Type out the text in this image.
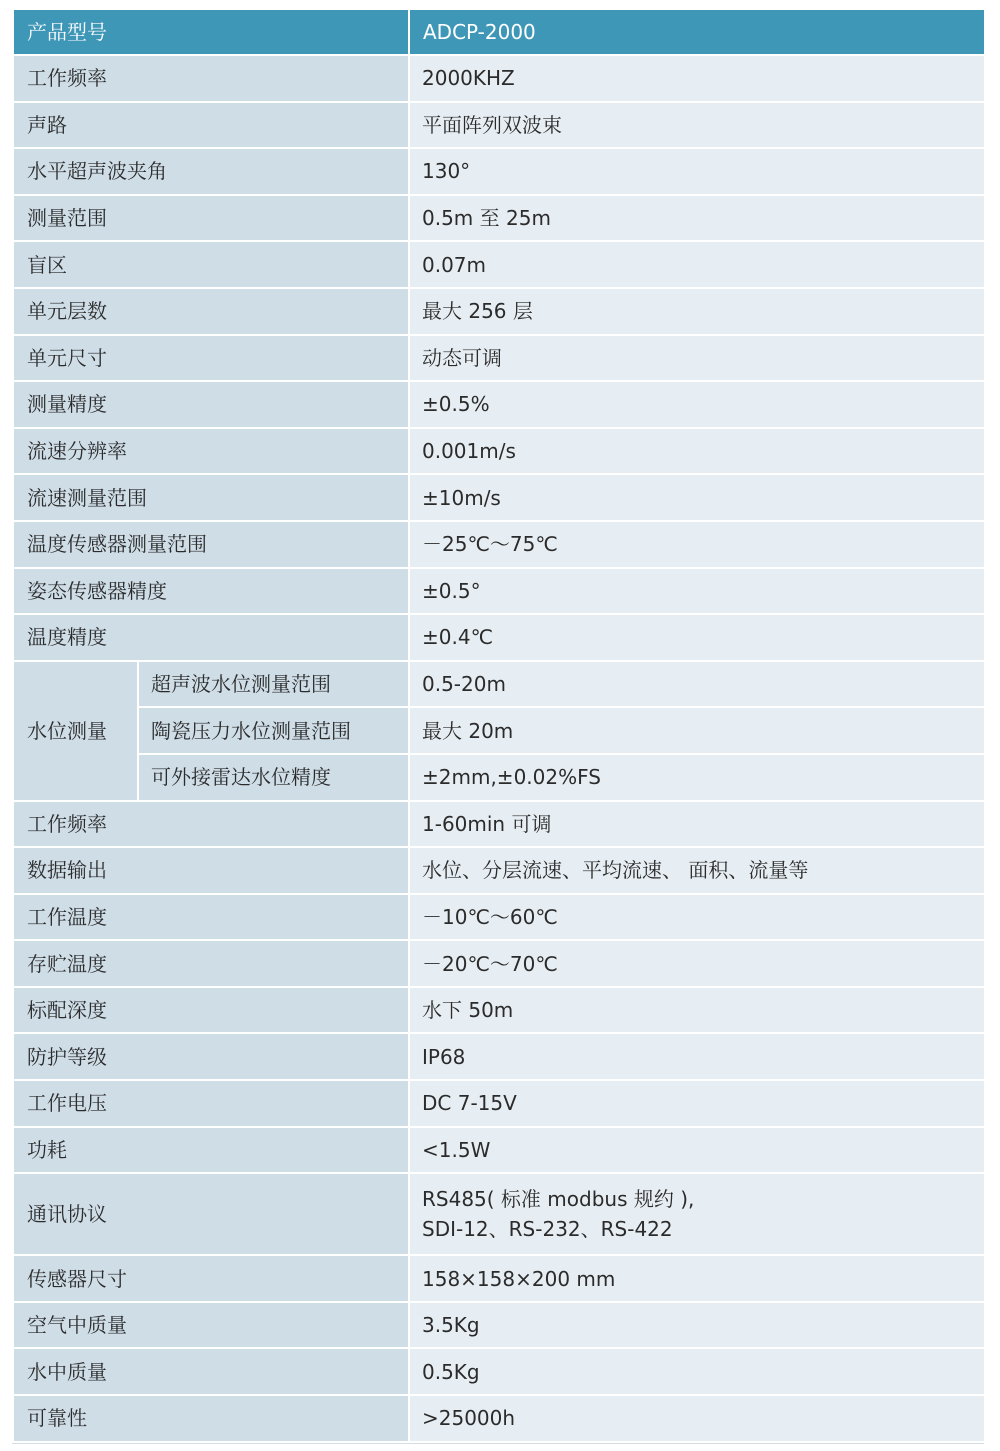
产品型号		ADCP-2000
工作频率		2000KHZ
声路		平面阵列双波束
水平超声波夹角		130°
测量范围		0.5m 至 25m
盲区		0.07m
单元层数		最大 256 层
单元尺寸		动态可调
测量精度		±0.5%
流速分辨率		0.001m/s
流速测量范围		±10m/s
温度传感器测量范围		－25℃～75℃
姿态传感器精度		±0.5°
温度精度		±0.4℃
水位测量	超声波水位测量范围	0.5-20m
	陶瓷压力水位测量范围	最大 20m
	可外接雷达水位精度	±2mm,±0.02%FS
工作频率		1-60min 可调
数据输出		水位、分层流速、平均流速、 面积、流量等
工作温度		－10℃～60℃
存贮温度		－20℃～70℃
标配深度		水下 50m
防护等级		IP68
工作电压		DC 7-15V
功耗		<1.5W
通讯协议		RS485( 标准 modbus 规约 ),
SDI-12、RS-232、RS-422

传感器尺寸		158×158×200 mm
空气中质量		3.5Kg
水中质量		0.5Kg
可靠性		>25000h
